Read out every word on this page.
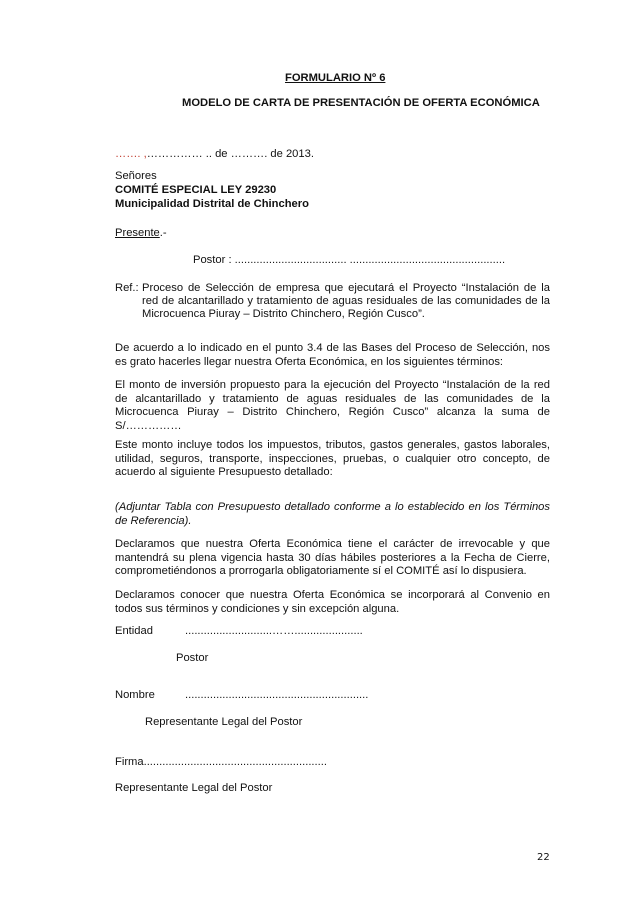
FORMULARIO Nº 6
MODELO DE CARTA DE PRESENTACIÓN DE OFERTA ECONÓMICA
……. ,…………… .. de ………. de 2013.
Señores
COMITÉ ESPECIAL LEY 29230
Municipalidad Distrital de Chinchero
Presente.-
Postor : .................................... ..................................................
Ref.: Proceso de Selección de empresa que ejecutará el Proyecto “Instalación de la
red de alcantarillado y tratamiento de aguas residuales de las comunidades de la
Microcuenca Piuray – Distrito Chinchero, Región Cusco”.
De acuerdo a lo indicado en el punto 3.4 de las Bases del Proceso de Selección, nos es grato hacerles llegar nuestra Oferta Económica, en los siguientes términos:
El monto de inversión propuesto para la ejecución del Proyecto “Instalación de la red de alcantarillado y tratamiento de aguas residuales de las comunidades de la Microcuenca Piuray – Distrito Chinchero, Región Cusco” alcanza la suma de S/……………
Este monto incluye todos los impuestos, tributos, gastos generales, gastos laborales, utilidad, seguros, transporte, inspecciones, pruebas, o cualquier otro concepto, de acuerdo al siguiente Presupuesto detallado:
(Adjuntar Tabla con Presupuesto detallado conforme a lo establecido en los Términos de Referencia).
Declaramos que nuestra Oferta Económica tiene el carácter de irrevocable y que mantendrá su plena vigencia hasta 30 días hábiles posteriores a la Fecha de Cierre, comprometiéndonos a prorrogarla obligatoriamente sí el COMITÉ así lo dispusiera.
Declaramos conocer que nuestra Oferta Económica se incorporará al Convenio en todos sus términos y condiciones y sin excepción alguna.
Entidad	............................……......................
Postor
Nombre	...........................................................
Representante Legal del Postor
Firma...........................................................
Representante Legal del Postor
22
